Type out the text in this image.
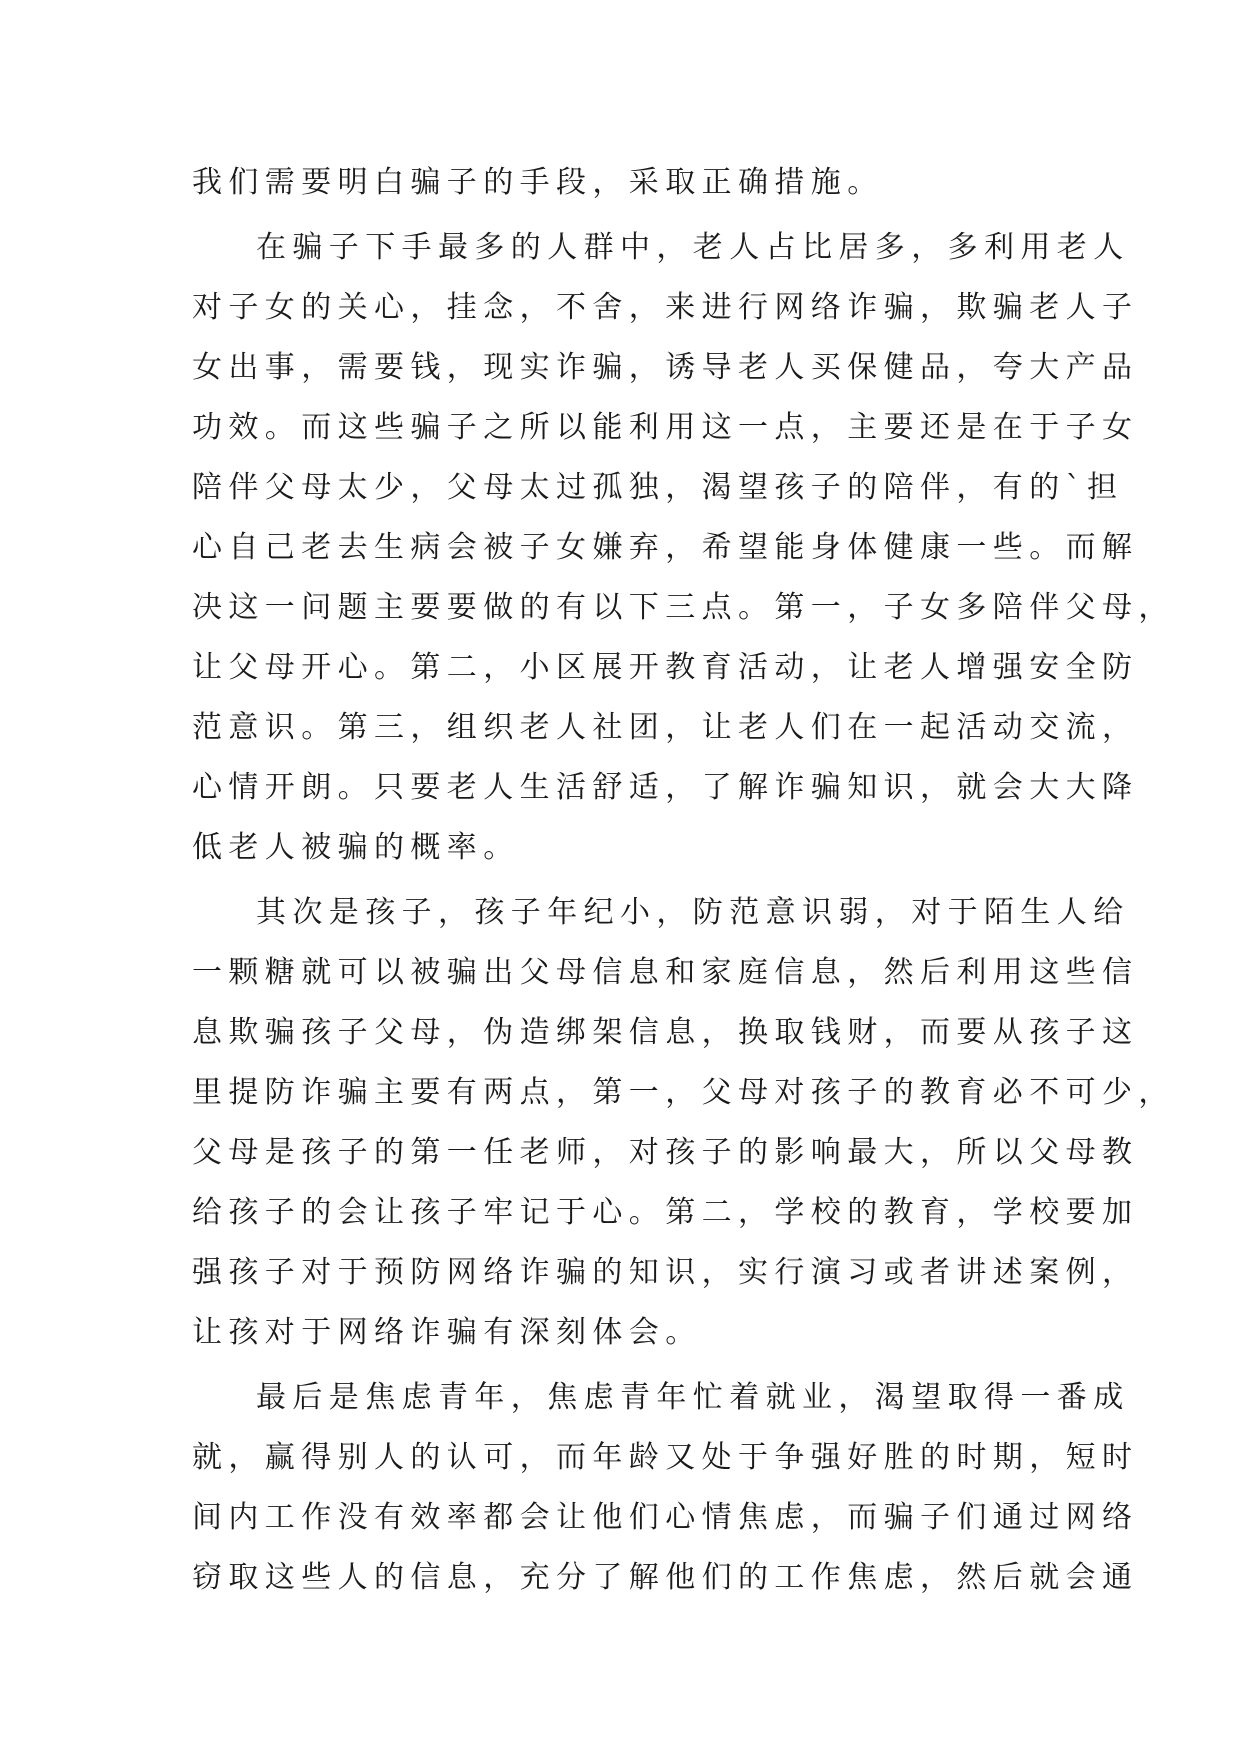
我们需要明白骗子的手段，采取正确措施。
在骗子下手最多的人群中，老人占比居多，多利用老人
对子女的关心，挂念，不舍，来进行网络诈骗，欺骗老人子
女出事，需要钱，现实诈骗，诱导老人买保健品，夸大产品
功效。而这些骗子之所以能利用这一点，主要还是在于子女
陪伴父母太少，父母太过孤独，渴望孩子的陪伴，有的`担
心自己老去生病会被子女嫌弃，希望能身体健康一些。而解
决这一问题主要要做的有以下三点。第一，子女多陪伴父母，
让父母开心。第二，小区展开教育活动，让老人增强安全防
范意识。第三，组织老人社团，让老人们在一起活动交流，
心情开朗。只要老人生活舒适，了解诈骗知识，就会大大降
低老人被骗的概率。
其次是孩子，孩子年纪小，防范意识弱，对于陌生人给
一颗糖就可以被骗出父母信息和家庭信息，然后利用这些信
息欺骗孩子父母，伪造绑架信息，换取钱财，而要从孩子这
里提防诈骗主要有两点，第一，父母对孩子的教育必不可少，
父母是孩子的第一任老师，对孩子的影响最大，所以父母教
给孩子的会让孩子牢记于心。第二，学校的教育，学校要加
强孩子对于预防网络诈骗的知识，实行演习或者讲述案例，
让孩对于网络诈骗有深刻体会。
最后是焦虑青年，焦虑青年忙着就业，渴望取得一番成
就，赢得别人的认可，而年龄又处于争强好胜的时期，短时
间内工作没有效率都会让他们心情焦虑，而骗子们通过网络
窃取这些人的信息，充分了解他们的工作焦虑，然后就会通
